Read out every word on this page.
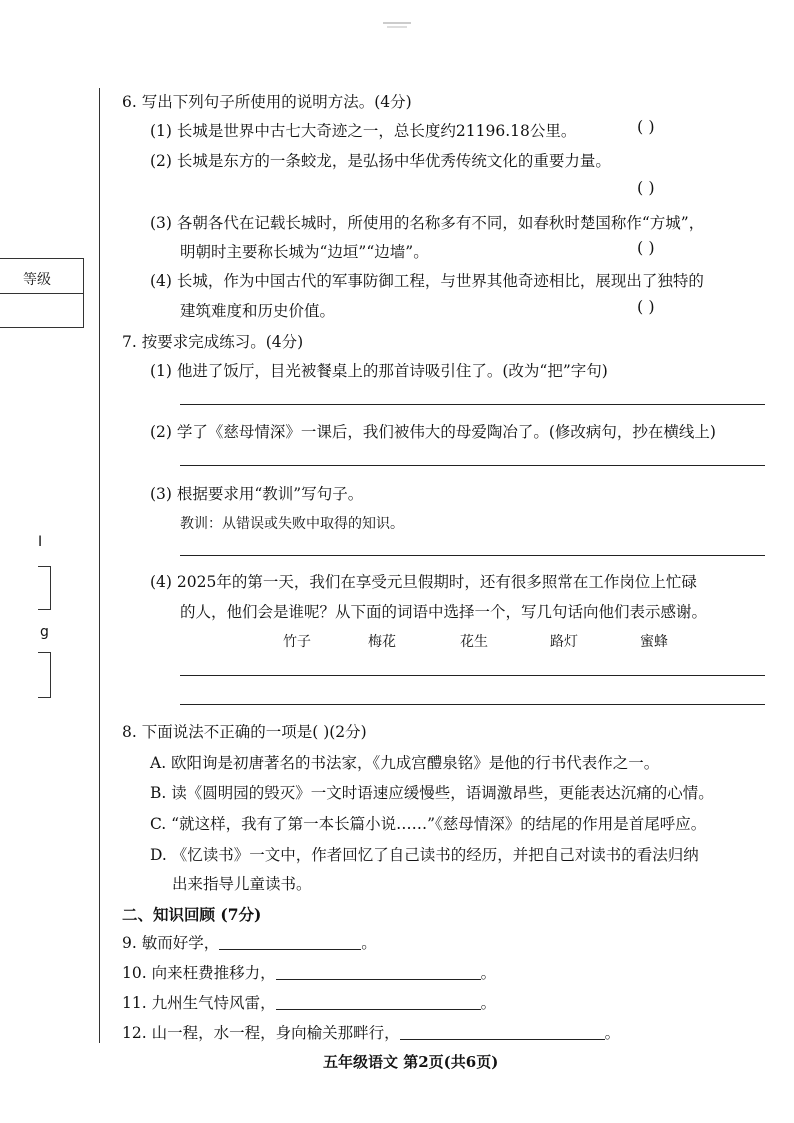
等级
I
g
6. 写出下列句子所使用的说明方法。(4分)
(1) 长城是世界中古七大奇迹之一，总长度约21196.18公里。	( )
(2) 长城是东方的一条蛟龙，是弘扬中华优秀传统文化的重要力量。
( )
(3) 各朝各代在记载长城时，所使用的名称多有不同，如春秋时楚国称作“方城”，
明朝时主要称长城为“边垣”“边墙”。	( )
(4) 长城，作为中国古代的军事防御工程，与世界其他奇迹相比，展现出了独特的
建筑难度和历史价值。	( )
7. 按要求完成练习。(4分)
(1) 他进了饭厅，目光被餐桌上的那首诗吸引住了。(改为“把”字句)
(2) 学了《慈母情深》一课后，我们被伟大的母爱陶冶了。(修改病句，抄在横线上)
(3) 根据要求用“教训”写句子。
教训：从错误或失败中取得的知识。
(4) 2025年的第一天，我们在享受元旦假期时，还有很多照常在工作岗位上忙碌
的人，他们会是谁呢？从下面的词语中选择一个，写几句话向他们表示感谢。
竹子	梅花	花生	路灯	蜜蜂
8. 下面说法不正确的一项是( )(2分)
A. 欧阳询是初唐著名的书法家，《九成宫醴泉铭》是他的行书代表作之一。
B. 读《圆明园的毁灭》一文时语速应缓慢些，语调激昂些，更能表达沉痛的心情。
C. “就这样，我有了第一本长篇小说……”《慈母情深》的结尾的作用是首尾呼应。
D. 《忆读书》一文中，作者回忆了自己读书的经历，并把自己对读书的看法归纳
出来指导儿童读书。
二、知识回顾 (7分)
9. 敏而好学，	。
10. 向来枉费推移力，	。
11. 九州生气恃风雷，	。
12. 山一程，水一程，身向榆关那畔行，	。
五年级语文 第2页(共6页)
